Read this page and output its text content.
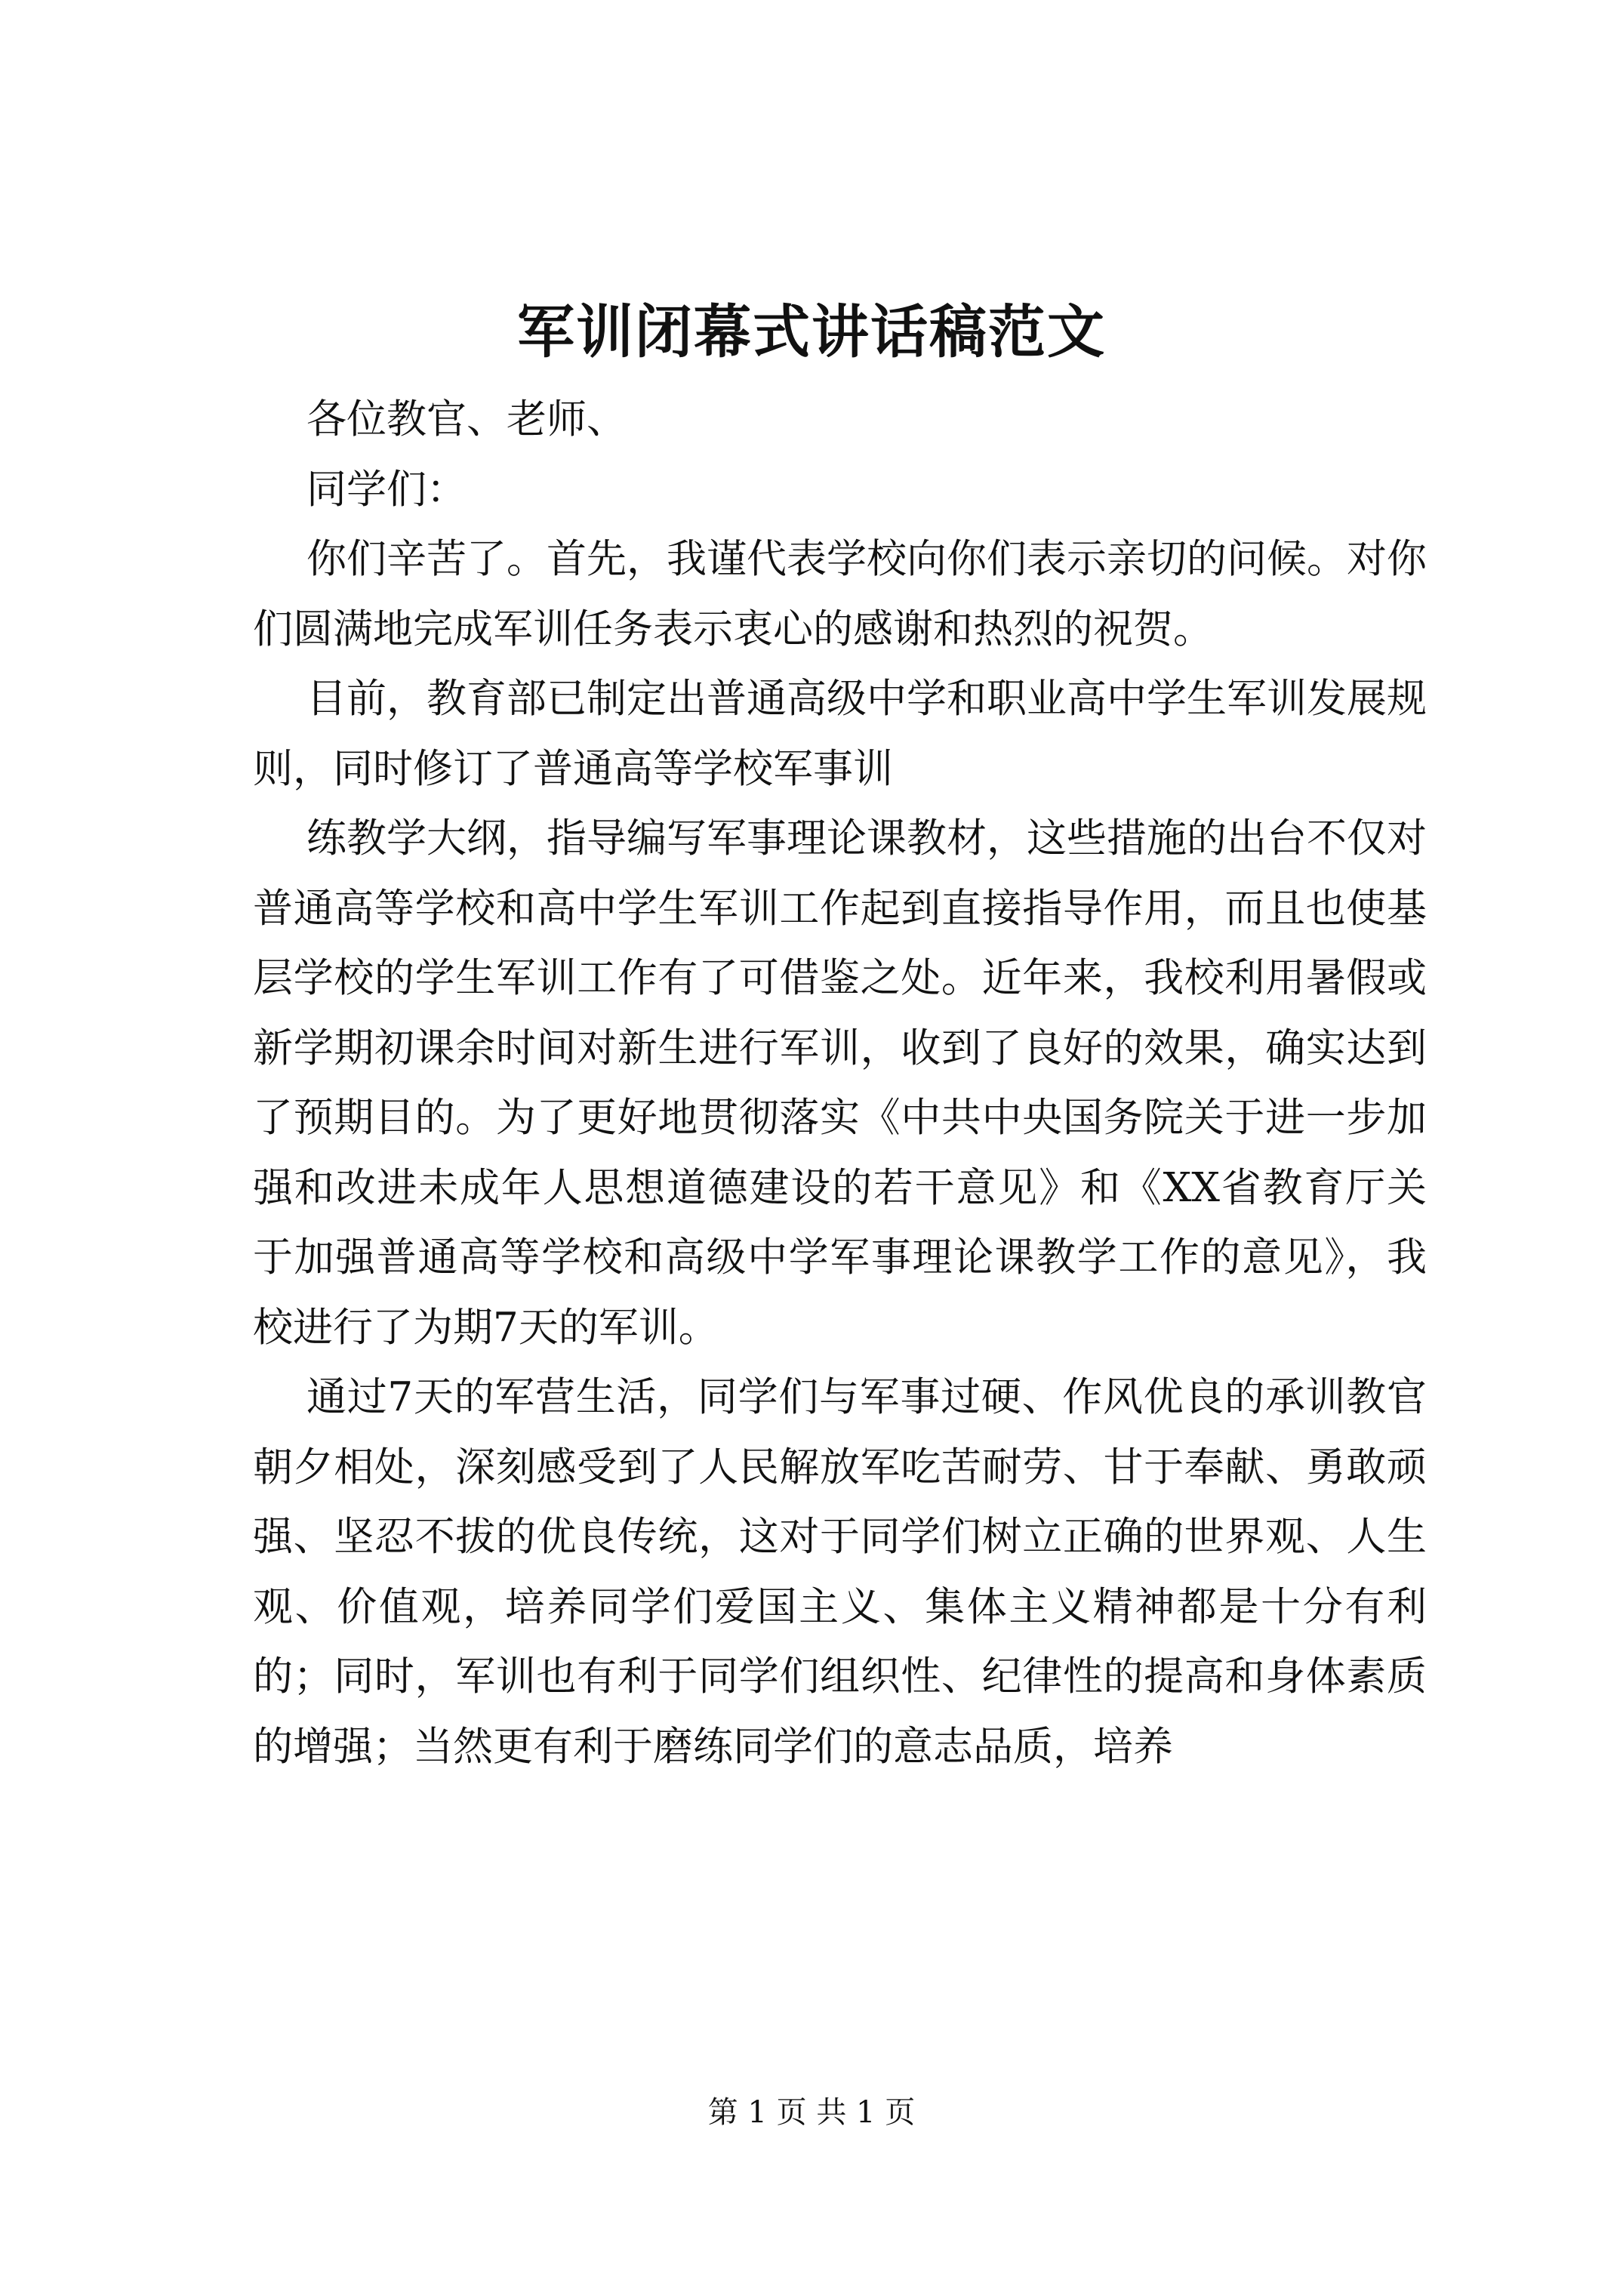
军训闭幕式讲话稿范文

各位教官、老师、

同学们：

你们辛苦了。首先，我谨代表学校向你们表示亲切的问候。对你们圆满地完成军训任务表示衷心的感谢和热烈的祝贺。

目前，教育部已制定出普通高级中学和职业高中学生军训发展规则，同时修订了普通高等学校军事训

练教学大纲，指导编写军事理论课教材，这些措施的出台不仅对普通高等学校和高中学生军训工作起到直接指导作用，而且也使基层学校的学生军训工作有了可借鉴之处。近年来，我校利用暑假或新学期初课余时间对新生进行军训，收到了良好的效果，确实达到了预期目的。为了更好地贯彻落实《中共中央国务院关于进一步加强和改进未成年人思想道德建设的若干意见》和《XX省教育厅关于加强普通高等学校和高级中学军事理论课教学工作的意见》，我校进行了为期7天的军训。

通过7天的军营生活，同学们与军事过硬、作风优良的承训教官朝夕相处，深刻感受到了人民解放军吃苦耐劳、甘于奉献、勇敢顽强、坚忍不拔的优良传统，这对于同学们树立正确的世界观、人生观、价值观，培养同学们爱国主义、集体主义精神都是十分有利的；同时，军训也有利于同学们组织性、纪律性的提高和身体素质的增强；当然更有利于磨练同学们的意志品质，培养

第 1 页 共 1 页
